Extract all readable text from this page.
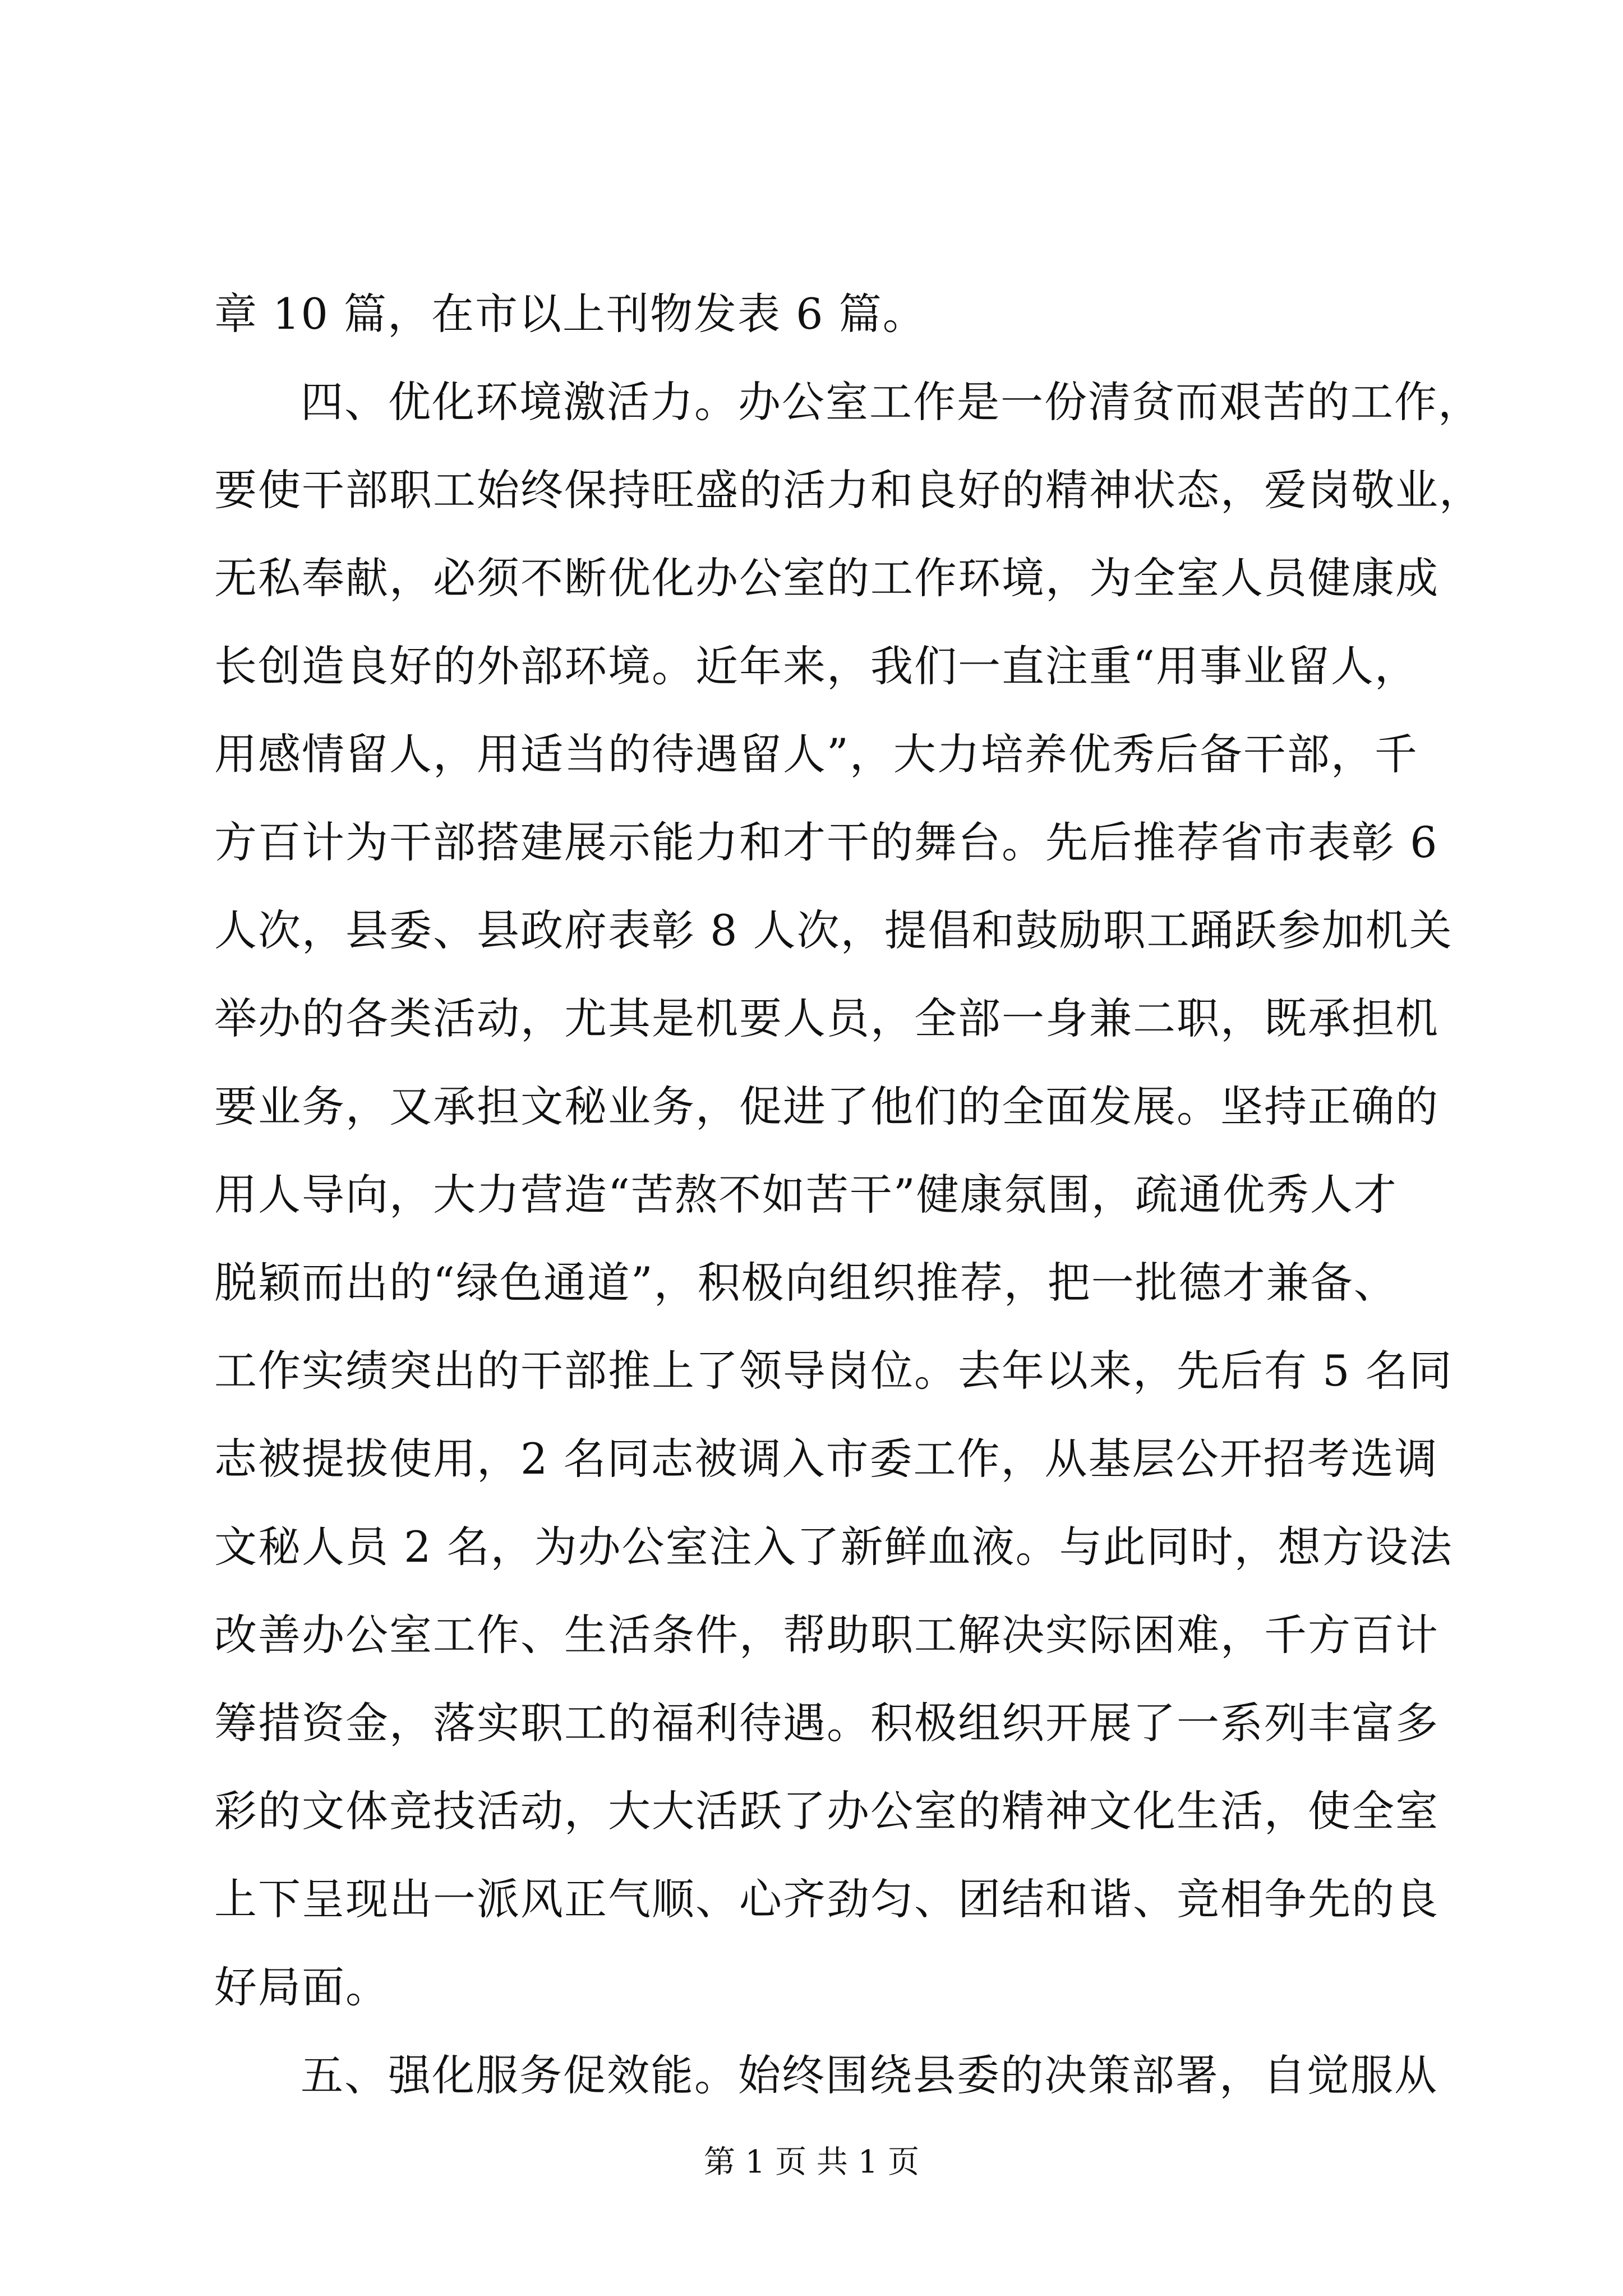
章 10 篇，在市以上刊物发表 6 篇。
四、优化环境激活力。办公室工作是一份清贫而艰苦的工作，
要使干部职工始终保持旺盛的活力和良好的精神状态，爱岗敬业，
无私奉献，必须不断优化办公室的工作环境，为全室人员健康成
长创造良好的外部环境。近年来，我们一直注重“用事业留人，
用感情留人，用适当的待遇留人”，大力培养优秀后备干部，千
方百计为干部搭建展示能力和才干的舞台。先后推荐省市表彰 6
人次，县委、县政府表彰 8 人次，提倡和鼓励职工踊跃参加机关
举办的各类活动，尤其是机要人员，全部一身兼二职，既承担机
要业务，又承担文秘业务，促进了他们的全面发展。坚持正确的
用人导向，大力营造“苦熬不如苦干”健康氛围，疏通优秀人才
脱颖而出的“绿色通道”，积极向组织推荐，把一批德才兼备、
工作实绩突出的干部推上了领导岗位。去年以来，先后有 5 名同
志被提拔使用，2 名同志被调入市委工作，从基层公开招考选调
文秘人员 2 名，为办公室注入了新鲜血液。与此同时，想方设法
改善办公室工作、生活条件，帮助职工解决实际困难，千方百计
筹措资金，落实职工的福利待遇。积极组织开展了一系列丰富多
彩的文体竞技活动，大大活跃了办公室的精神文化生活，使全室
上下呈现出一派风正气顺、心齐劲匀、团结和谐、竞相争先的良
好局面。
五、强化服务促效能。始终围绕县委的决策部署，自觉服从
第 1 页 共 1 页
